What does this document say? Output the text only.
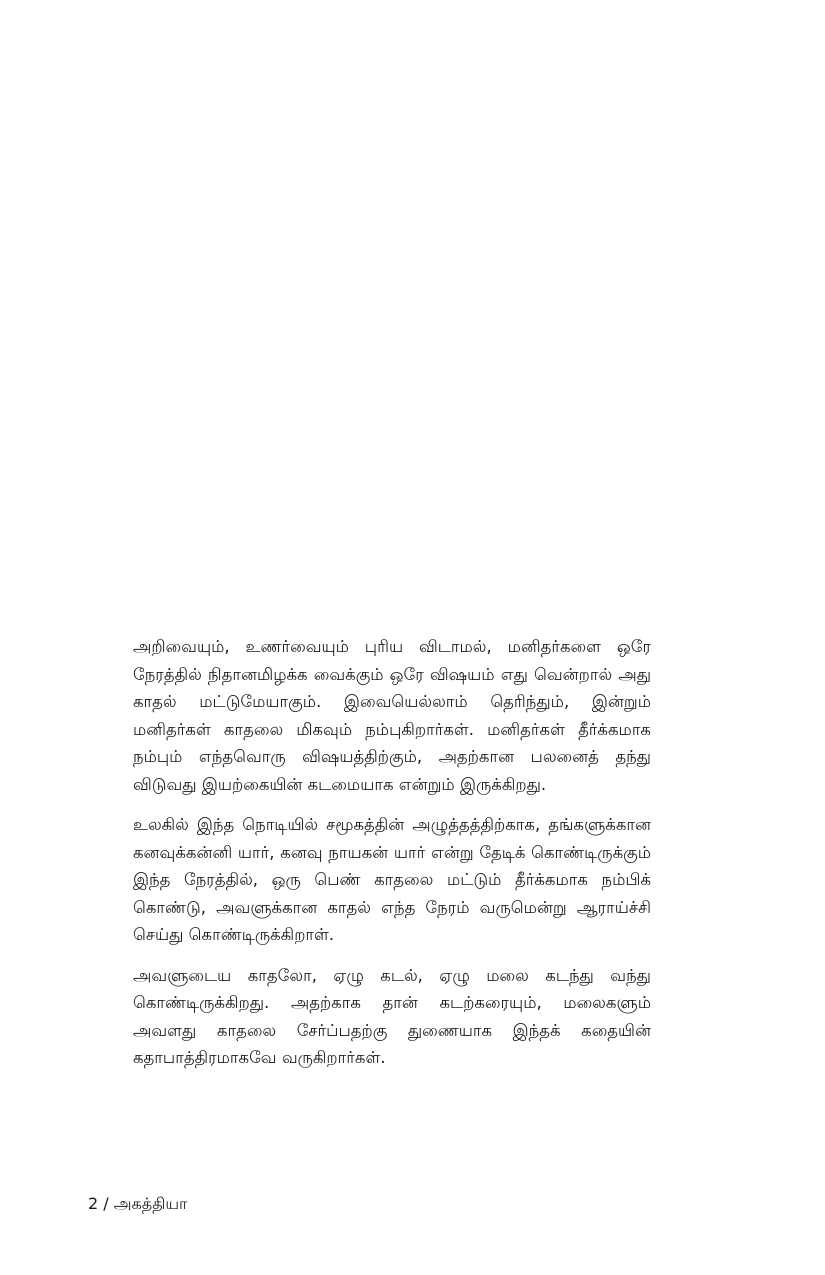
அறிவையும், உணர்வையும் புரிய விடாமல், மனிதர்களை ஒரே நேரத்தில் நிதானமிழக்க வைக்கும் ஒரே விஷயம் எது வென்றால் அது காதல் மட்டுமேயாகும். இவையெல்லாம் தெரிந்தும், இன்றும் மனிதர்கள் காதலை மிகவும் நம்புகிறார்கள். மனிதர்கள் தீர்க்கமாக நம்பும் எந்தவொரு விஷயத்திற்கும், அதற்கான பலனைத் தந்து விடுவது இயற்கையின் கடமையாக என்றும் இருக்கிறது.

உலகில் இந்த நொடியில் சமூகத்தின் அழுத்தத்திற்காக, தங்களுக்கான கனவுக்கன்னி யார், கனவு நாயகன் யார் என்று தேடிக் கொண்டிருக்கும் இந்த நேரத்தில், ஒரு பெண் காதலை மட்டும் தீர்க்கமாக நம்பிக் கொண்டு, அவளுக்கான காதல் எந்த நேரம் வருமென்று ஆராய்ச்சி செய்து கொண்டிருக்கிறாள்.

அவளுடைய காதலோ, ஏழு கடல், ஏழு மலை கடந்து வந்து கொண்டிருக்கிறது. அதற்காக தான் கடற்கரையும், மலைகளும் அவளது காதலை சேர்ப்பதற்கு துணையாக இந்தக் கதையின் கதாபாத்திரமாகவே வருகிறார்கள்.

2 / அகத்தியா
